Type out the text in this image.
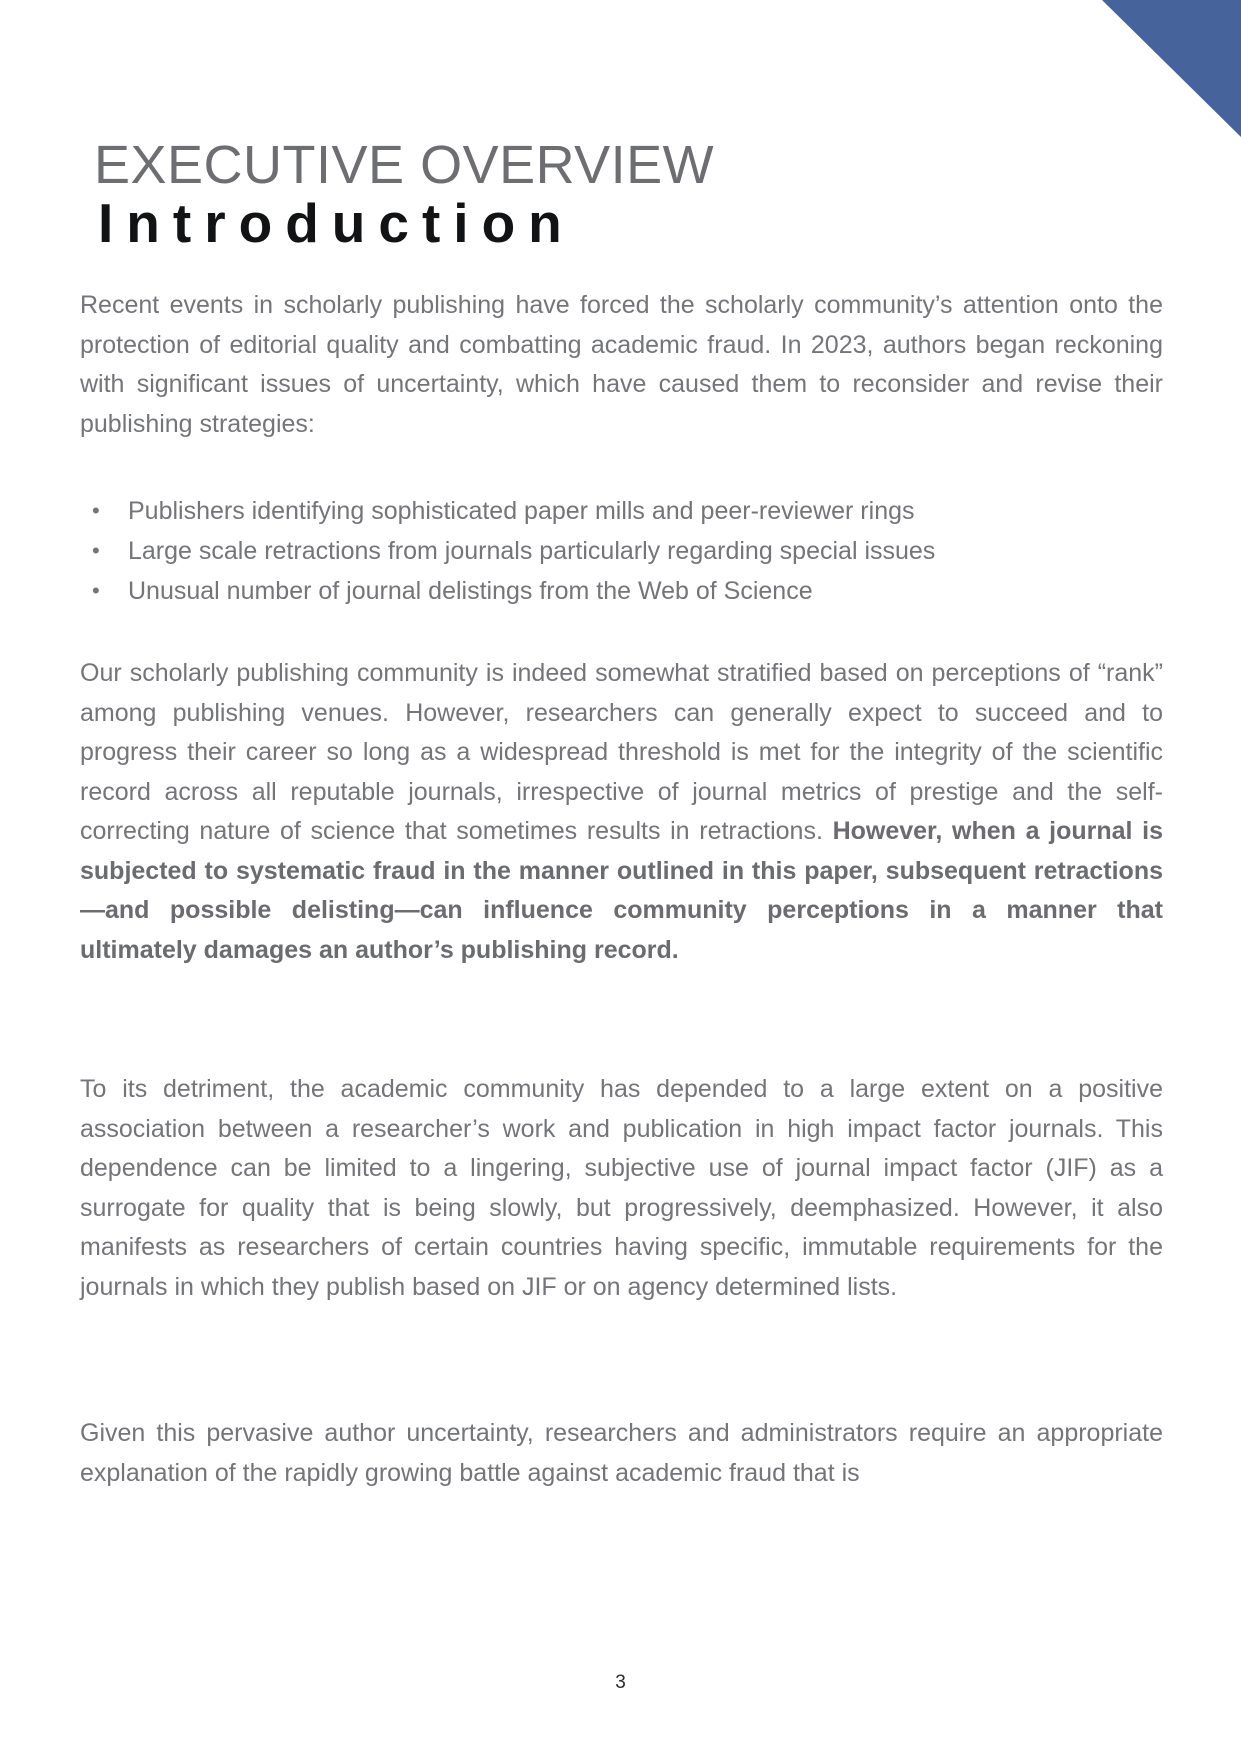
EXECUTIVE OVERVIEW
Introduction

Recent events in scholarly publishing have forced the scholarly community’s attention onto the protection of editorial quality and combatting academic fraud. In 2023, authors began reckoning with significant issues of uncertainty, which have caused them to reconsider and revise their publishing strategies:

• Publishers identifying sophisticated paper mills and peer-reviewer rings
• Large scale retractions from journals particularly regarding special issues
• Unusual number of journal delistings from the Web of Science

Our scholarly publishing community is indeed somewhat stratified based on perceptions of “rank” among publishing venues. However, researchers can generally expect to succeed and to progress their career so long as a widespread threshold is met for the integrity of the scientific record across all reputable journals, irrespective of journal metrics of prestige and the self-correcting nature of science that sometimes results in retractions. However, when a journal is subjected to systematic fraud in the manner outlined in this paper, subsequent retractions—and possible delisting—can influence community perceptions in a manner that ultimately damages an author’s publishing record.

To its detriment, the academic community has depended to a large extent on a positive association between a researcher’s work and publication in high impact factor journals. This dependence can be limited to a lingering, subjective use of journal impact factor (JIF) as a surrogate for quality that is being slowly, but progressively, deemphasized. However, it also manifests as researchers of certain countries having specific, immutable requirements for the journals in which they publish based on JIF or on agency determined lists.

Given this pervasive author uncertainty, researchers and administrators require an appropriate explanation of the rapidly growing battle against academic fraud that is

3
